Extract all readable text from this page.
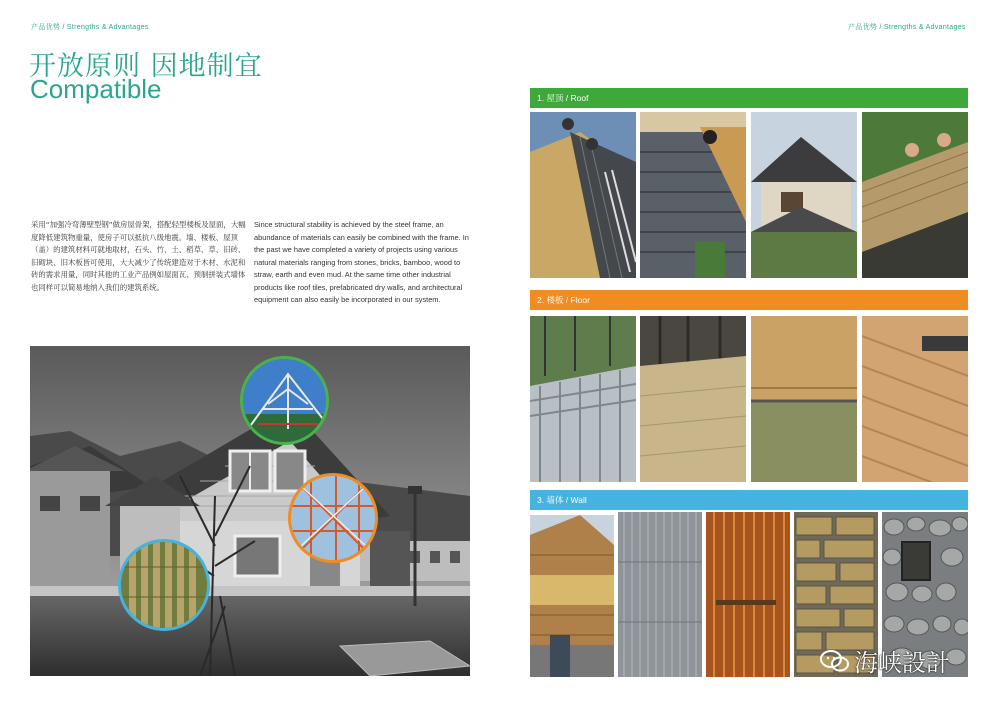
产品优势 / Strengths & Advantages	产品优势 / Strengths & Advantages
开放原则 因地制宜
Compatible
采用“加强冷弯薄壁型钢”做房屋骨架，搭配轻型楼板及屋面，大幅度降低建筑物重量，使房子可以抵抗八级地震。墙、楼板、屋顶（盖）的建筑材料可就地取材，石头、竹、土、稻草、草、旧砖、旧砌块、旧木板皆可使用，大大减少了传统建造对于木材、水泥和砖的需求用量，同时其他的工业产品例如屋面瓦、预制拼装式墙体也同样可以简易地纳入我们的建筑系统。
Since structural stability is achieved by the steel frame, an abundance of materials can easily be combined with the frame. In the past we have completed a variety of projects using various natural materials ranging from stones, bricks, bamboo, wood to straw, earth and even mud. At the same time other industrial products like roof tiles, prefabricated dry walls, and architectural equipment can also easily be incorporated in our system.
1. 屋顶 / Roof
2. 楼板 / Floor
3. 墙体 / Wall
海峡設計
